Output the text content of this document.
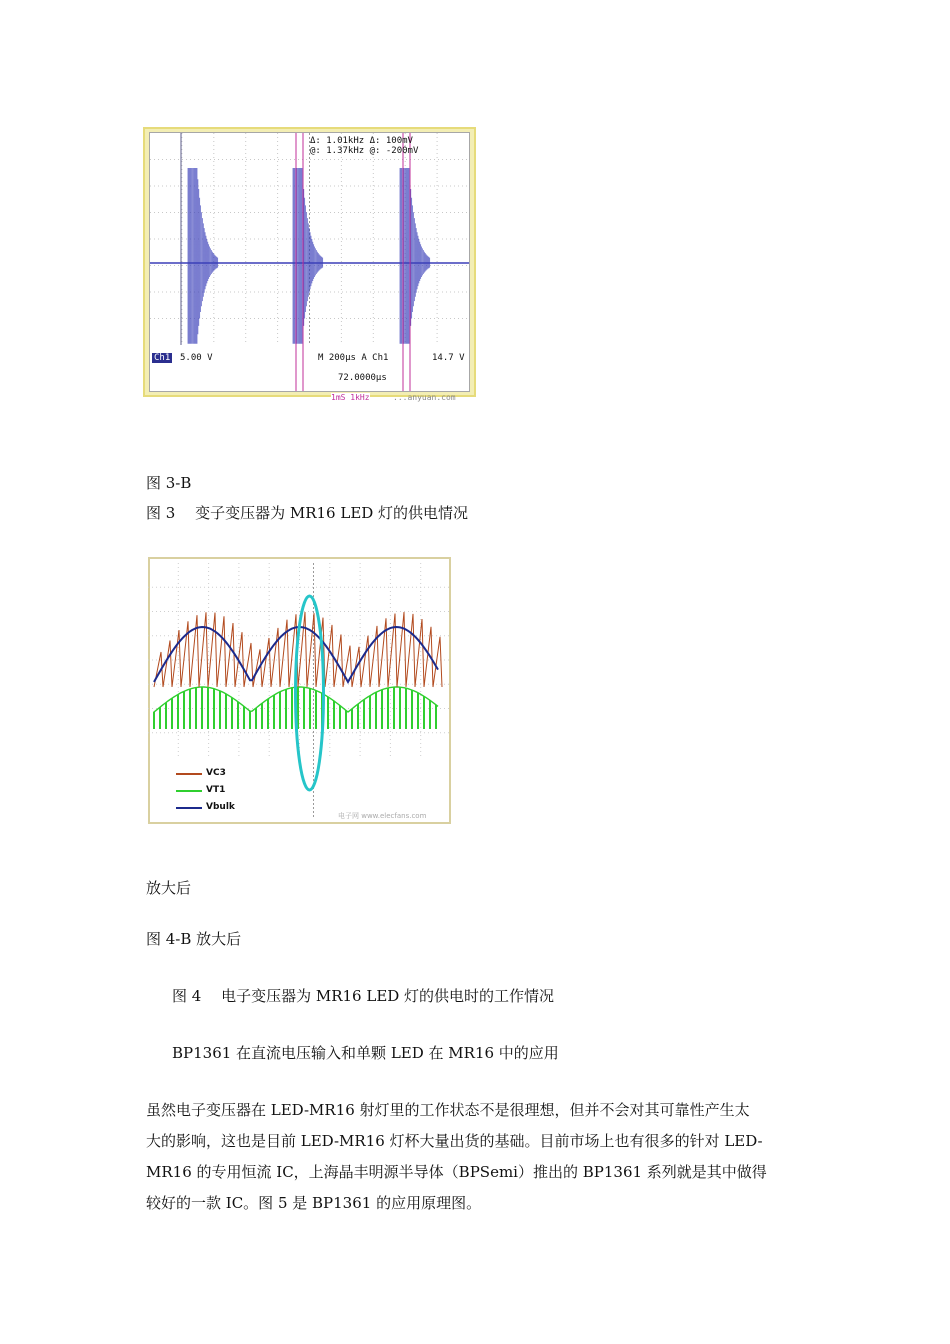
Δ: 1.01kHz Δ: 100mV
@: 1.37kHz @: -200mV
Ch1 5.00 V	M 200µs A Ch1	14.7 V
72.0000µs
1mS 1kHz	...anyuan.com
图 3-B
图 3　 变子变压器为 MR16 LED 灯的供电情况
VC3
VT1
Vbulk
电子网 www.elecfans.com
放大后
图 4-B 放大后
图 4　 电子变压器为 MR16 LED 灯的供电时的工作情况
BP1361 在直流电压输入和单颗 LED 在 MR16 中的应用
虽然电子变压器在 LED-MR16 射灯里的工作状态不是很理想，但并不会对其可靠性产生太
大的影响，这也是目前 LED-MR16 灯杯大量出货的基础。目前市场上也有很多的针对 LED-
MR16 的专用恒流 IC，上海晶丰明源半导体（BPSemi）推出的 BP1361 系列就是其中做得
较好的一款 IC。图 5 是 BP1361 的应用原理图。
